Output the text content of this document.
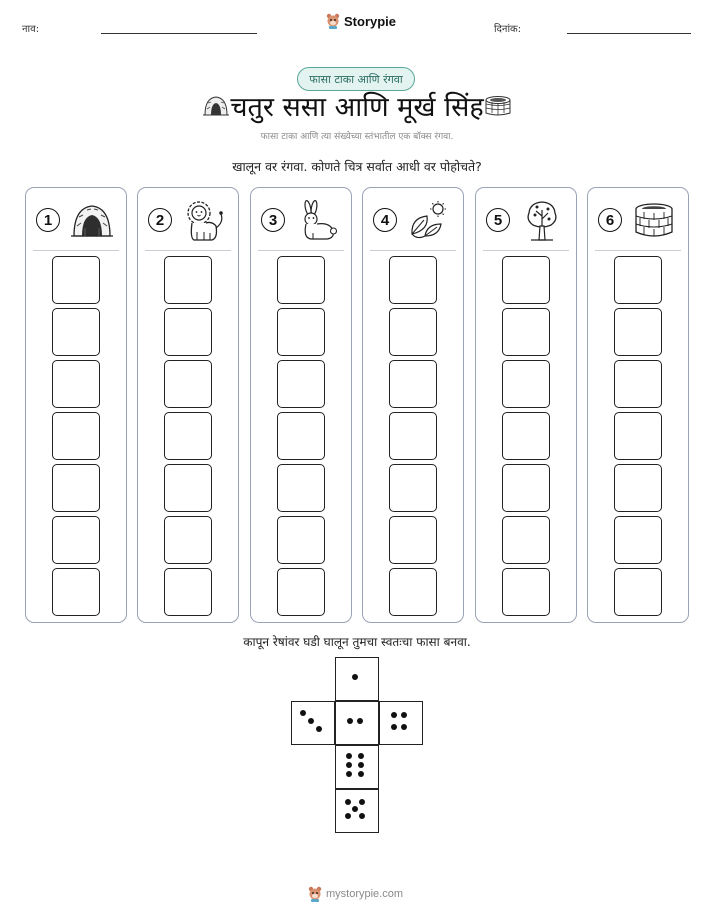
नाव:
Storypie
दिनांक:
फासा टाका आणि रंगवा
चतुर ससा आणि मूर्ख सिंह
फासा टाका आणि त्या संख्येच्या स्तंभातील एक बॉक्स रंगवा.
खालून वर रंगवा. कोणते चित्र सर्वात आधी वर पोहोचते?
1	2	3	4	5	6
कापून रेषांवर घडी घालून तुमचा स्वतःचा फासा बनवा.
mystorypie.com
